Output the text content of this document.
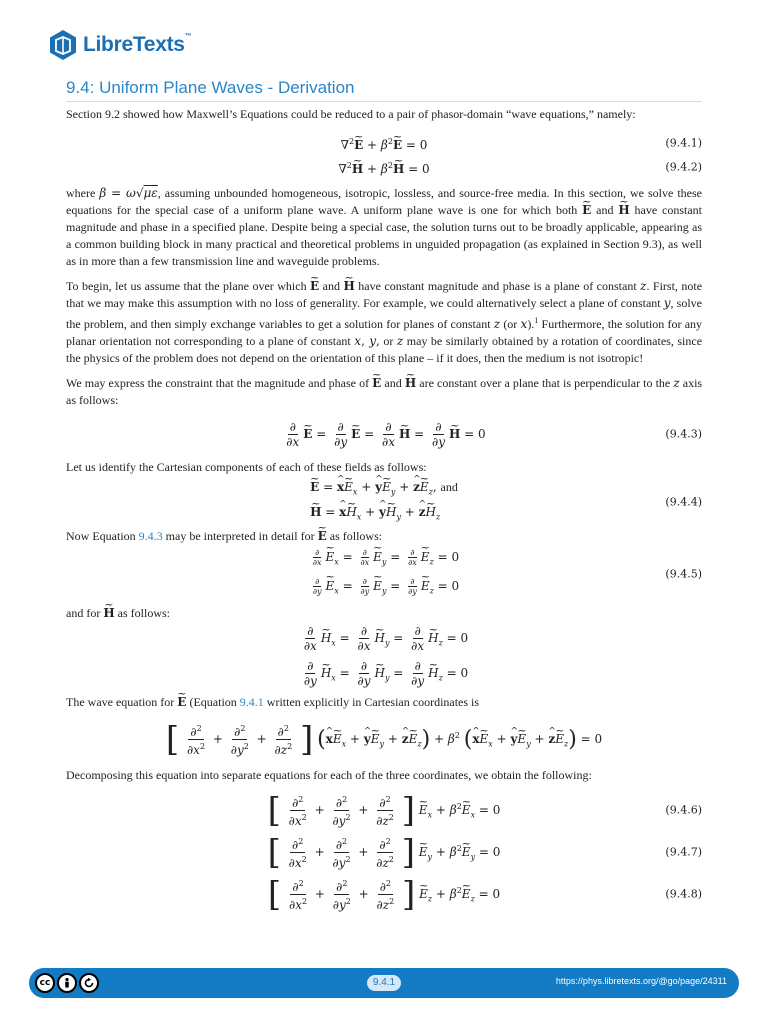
LibreTexts™
9.4: Uniform Plane Waves - Derivation

Section 9.2 showed how Maxwell’s Equations could be reduced to a pair of phasor-domain “wave equations,” namely:

∇$^2$~ $E + \beta^2\sim$ E = 0	(9.4.1)
∇$^2$~ $H + \beta^2\sim$ H = 0	(9.4.2)

where β = ω√με, assuming unbounded homogeneous, isotropic, lossless, and source-free media. In this section, we solve these equations for the special case of a uniform plane wave. A uniform plane wave is one for which both ~ E and ~ H have constant magnitude and phase in a specified plane. Despite being a special case, the solution turns out to be broadly applicable, appearing as a common building block in many practical and theoretical problems in unguided propagation (as explained in Section 9.3), as well as in more than a few transmission line and waveguide problems.

To begin, let us assume that the plane over which ~ E and ~ H have constant magnitude and phase is a plane of constant z. First, note that we may make this assumption with no loss of generality. For example, we could alternatively select a plane of constant y, solve the problem, and then simply exchange variables to get a solution for planes of constant z (or x).$^1$ Furthermore, the solution for any planar orientation not corresponding to a plane of constant x, y, or z may be similarly obtained by a rotation of coordinates, since the physics of the problem does not depend on the orientation of this plane – if it does, then the medium is not isotropic!

We may express the constraint that the magnitude and phase of ~ E and ~ H are constant over a plane that is perpendicular to the z axis as follows:

$\frac{\partial}{\partial x}$ ~ $E = \frac{\partial}{\partial y}$ ~ $E = \frac{\partial}{\partial x}$ ~ $H = \frac{\partial}{\partial y}$ ~ H = 0	(9.4.3)

Let us identify the Cartesian components of each of these fields as follows:

~ E = ^ x~ $E_x$ + ^ y~ $E_y$ + ^ z~ $E_z$, and
~ H = ^ x~ $H_x$ + ^ y~ $H_y$ + ^ z~ $H_z$
(9.4.4)

Now Equation 9.4.3 may be interpreted in detail for ~ E as follows:

$\frac{\partial}{\partial x}$ ~ $E_x = \frac{\partial}{\partial x}$ ~ $E_y = \frac{\partial}{\partial x}$ ~ $E_z = 0$
$\frac{\partial}{\partial y}$ ~ $E_x = \frac{\partial}{\partial y}$ ~ $E_y = \frac{\partial}{\partial y}$ ~ $E_z = 0$
(9.4.5)

and for ~ H as follows:

$\frac{\partial}{\partial x}$ ~ $H_x = \frac{\partial}{\partial x}$ ~ $H_y = \frac{\partial}{\partial x}$ ~ $H_z = 0$
$\frac{\partial}{\partial y}$ ~ $H_x = \frac{\partial}{\partial y}$ ~ $H_y = \frac{\partial}{\partial y}$ ~ $H_z = 0$

The wave equation for ~ E (Equation 9.4.1 written explicitly in Cartesian coordinates is

[ $\frac{\partial^2}{\partial x^2} + \frac{\partial^2}{\partial y^2} + \frac{\partial^2}{\partial z^2}$ ] (^ x~ $E_x$ + ^ y~ $E_y$ + ^ z~ $E_z) + \beta^2$ (^ x~ $E_x$ + ^ y~ $E_y$ + ^ z~ $E_z) = 0$

Decomposing this equation into separate equations for each of the three coordinates, we obtain the following:

[ $\frac{\partial^2}{\partial x^2} + \frac{\partial^2}{\partial y^2} + \frac{\partial^2}{\partial z^2}$ ] ~ $E_x$ + $\beta^2\sim$ $E_x = 0$	(9.4.6)
[ $\frac{\partial^2}{\partial x^2} + \frac{\partial^2}{\partial y^2} + \frac{\partial^2}{\partial z^2}$ ] ~ $E_y$ + $\beta^2\sim$ $E_y = 0$	(9.4.7)
[ $\frac{\partial^2}{\partial x^2} + \frac{\partial^2}{\partial y^2} + \frac{\partial^2}{\partial z^2}$ ] ~ $E_z$ + $\beta^2\sim$ $E_z = 0$	(9.4.8)
cc	9.4.1	https://phys.libretexts.org/@go/page/24311
